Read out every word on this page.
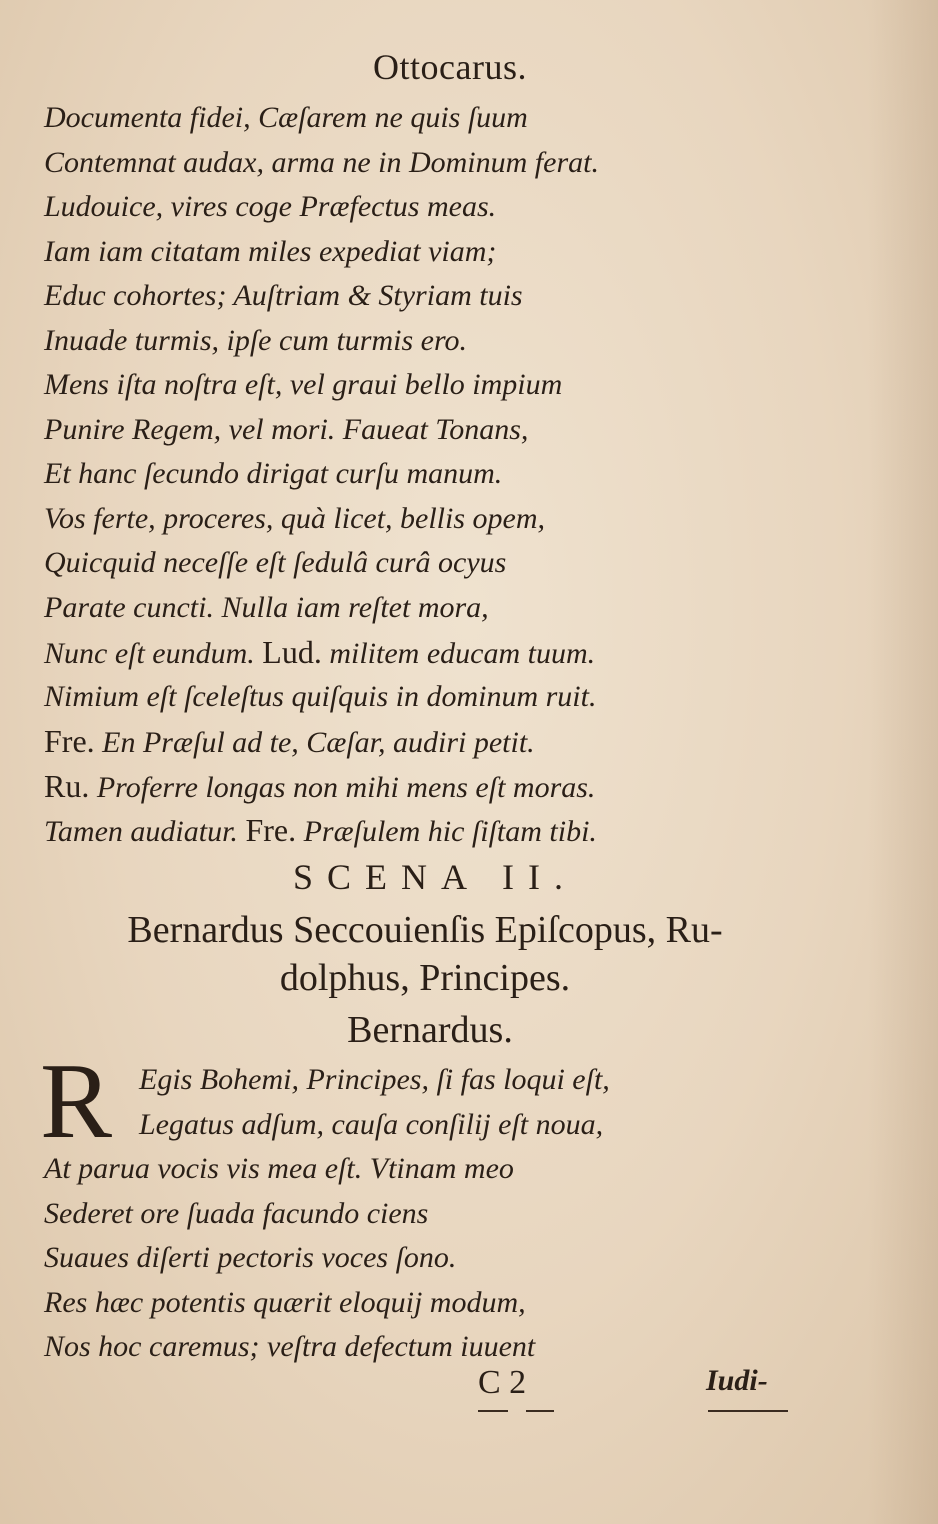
Ottocarus.
Documenta fidei, Cæſarem ne quis ſuum
Contemnat audax, arma ne in Dominum ferat.
Ludouice, vires coge Præfectus meas.
Iam iam citatam miles expediat viam;
Educ cohortes; Auſtriam & Styriam tuis
Inuade turmis, ipſe cum turmis ero.
Mens iſta noſtra eſt, vel graui bello impium
Punire Regem, vel mori. Faueat Tonans,
Et hanc ſecundo dirigat curſu manum.
Vos ferte, proceres, quà licet, bellis opem,
Quicquid neceſſe eſt ſedulâ curâ ocyus
Parate cuncti. Nulla iam reſtet mora,
Nunc eſt eundum. Lud. militem educam tuum.
Nimium eſt ſceleſtus quiſquis in dominum ruit.
Fre. En Præſul ad te, Cæſar, audiri petit.
Ru. Proferre longas non mihi mens eſt moras.
Tamen audiatur. Fre. Præſulem hic ſiſtam tibi.
SCENA II.
Bernardus Seccouienſis Epiſcopus, Ru-
dolphus, Principes.
Bernardus.
R Egis Bohemi, Principes, ſi fas loqui eſt,
Legatus adſum, cauſa conſilij eſt noua,
At parua vocis vis mea eſt. Vtinam meo
Sederet ore ſuada facundo ciens
Suaues diſerti pectoris voces ſono.
Res hæc potentis quærit eloquij modum,
Nos hoc caremus; veſtra defectum iuuent
C 2	Iudi-
